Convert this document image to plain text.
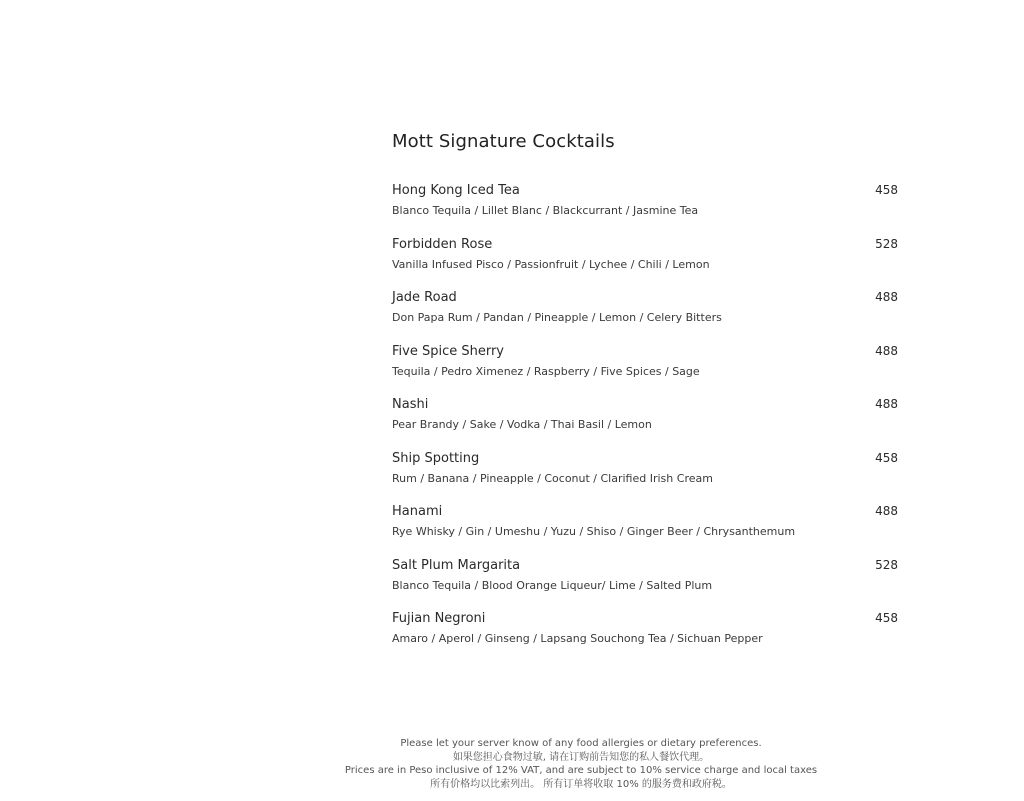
Mott Signature Cocktails
Hong Kong Iced Tea
Blanco Tequila / Lillet Blanc / Blackcurrant / Jasmine Tea
458
Forbidden Rose
Vanilla Infused Pisco / Passionfruit / Lychee / Chili / Lemon
528
Jade Road
Don Papa Rum / Pandan / Pineapple / Lemon / Celery Bitters
488
Five Spice Sherry
Tequila / Pedro Ximenez / Raspberry / Five Spices / Sage
488
Nashi
Pear Brandy / Sake / Vodka / Thai Basil / Lemon
488
Ship Spotting
Rum / Banana / Pineapple / Coconut / Clarified Irish Cream
458
Hanami
Rye Whisky / Gin / Umeshu / Yuzu / Shiso / Ginger Beer / Chrysanthemum
488
Salt Plum Margarita
Blanco Tequila / Blood Orange Liqueur/ Lime / Salted Plum
528
Fujian Negroni
Amaro / Aperol / Ginseng / Lapsang Souchong Tea / Sichuan Pepper
458
Please let your server know of any food allergies or dietary preferences.
如果您担心食物过敏, 请在订购前告知您的私人餐饮代理。
Prices are in Peso inclusive of 12% VAT, and are subject to 10% service charge and local taxes
所有价格均以比索列出。 所有订单将收取 10% 的服务费和政府税。
